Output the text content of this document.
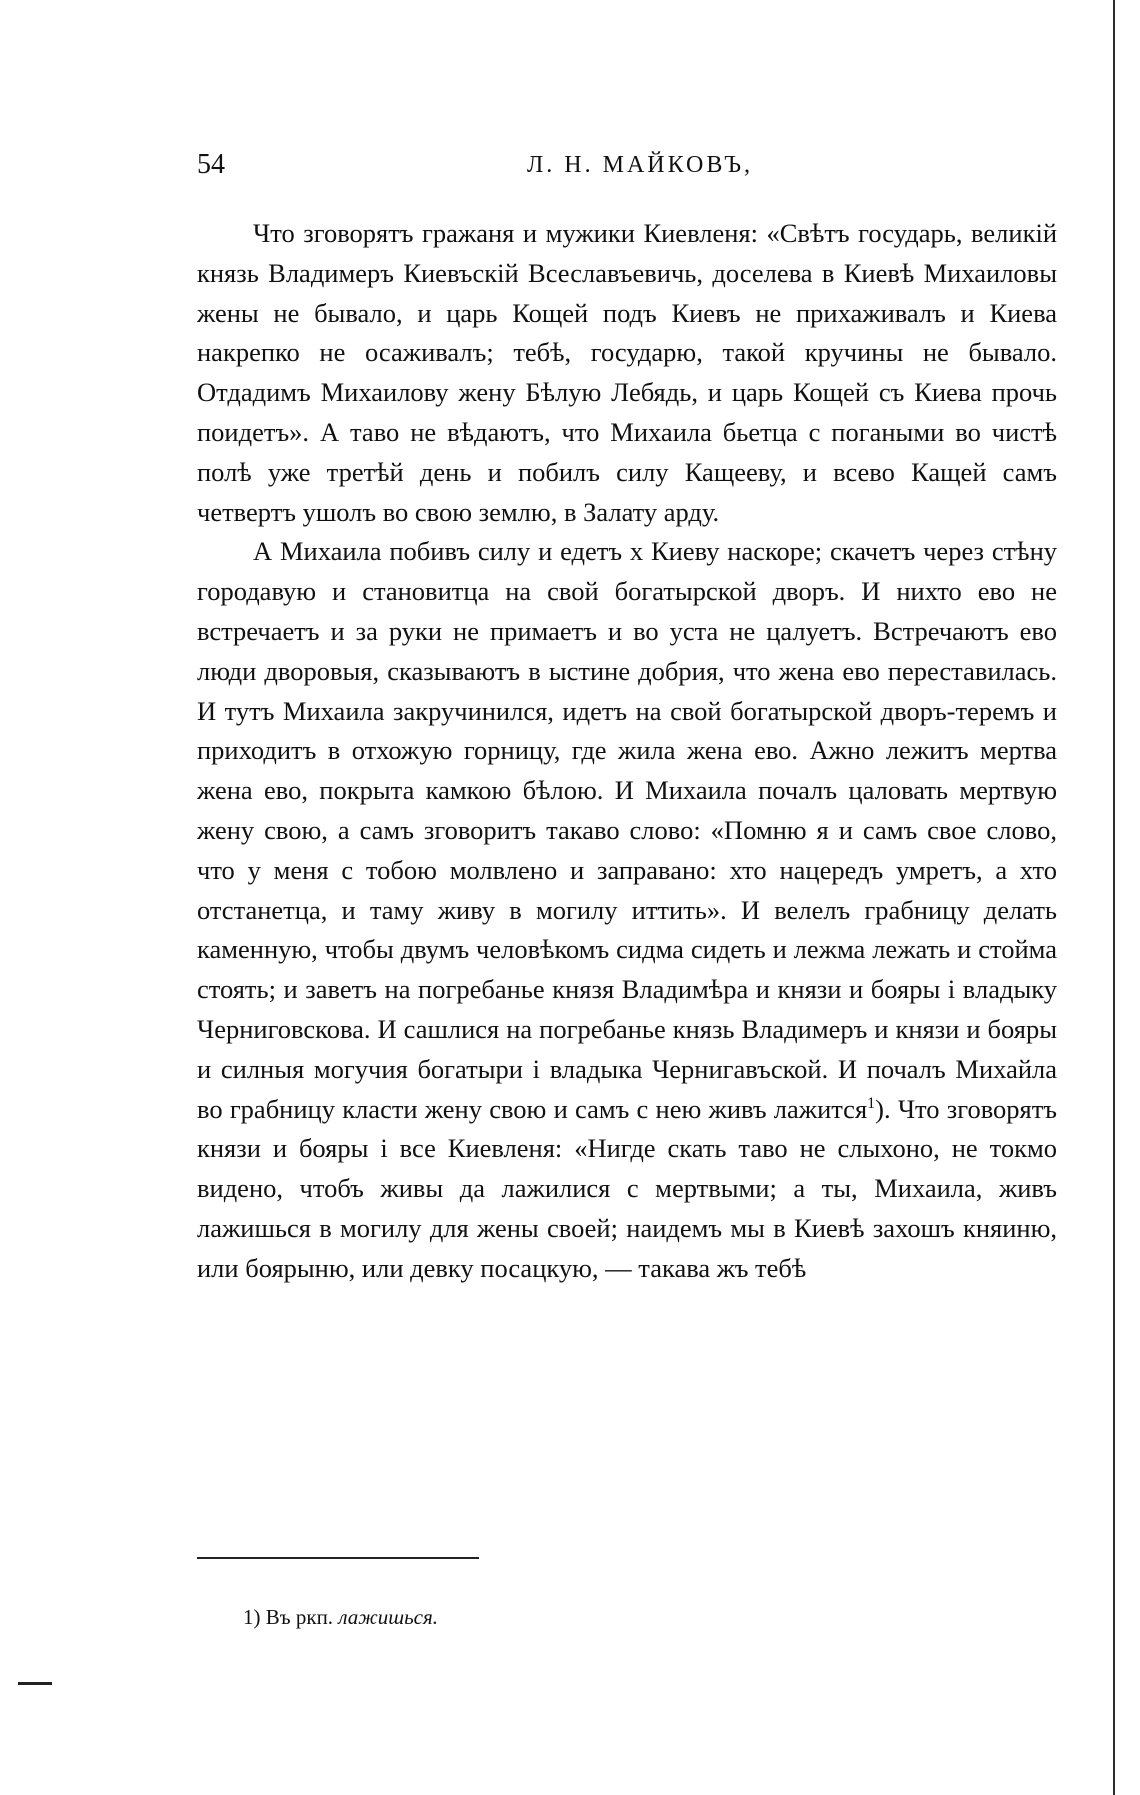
54	Л. Н. МАЙКОВЪ,

Что зговорятъ гражаня и мужики Киевленя: «Свѣтъ государь, великій князь Владимеръ Киевъскій Всеславъевичь, доселева в Киевѣ Михаиловы жены не бывало, и царь Кощей подъ Киевъ не прихаживалъ и Киева накрепко не осаживалъ; тебѣ, государю, такой кручины не бывало. Отдадимъ Михаилову жену Бѣлую Лебядь, и царь Кощей съ Киева прочь поидетъ». А таво не вѣдаютъ, что Михаила бьетца с погаными во чистѣ полѣ уже третѣй день и побилъ силу Кащееву, и всево Кащей самъ четвертъ ушолъ во свою землю, в Залату арду.

А Михаила побивъ силу и едетъ х Киеву наскоре; скачетъ через стѣну городавую и становитца на свой богатырской дворъ. И нихто ево не встречаетъ и за руки не примаетъ и во уста не цалуетъ. Встречаютъ ево люди дворовыя, сказываютъ в ыстине добрия, что жена ево переставилась. И тутъ Михаила закручинился, идетъ на свой богатырской дворъ-теремъ и приходитъ в отхожую горницу, где жила жена ево. Ажно лежитъ мертва жена ево, покрыта камкою бѣлою. И Михаила почалъ цаловать мертвую жену свою, а самъ зговоритъ такаво слово: «Помню я и самъ свое слово, что у меня с тобою молвлено и заправано: хто нацередъ умретъ, а хто отстанетца, и таму живу в могилу иттить». И велелъ грабницу делать каменную, чтобы двумъ человѣкомъ сидма сидеть и лежма лежать и стойма стоять; и заветъ на погребанье князя Владимѣра и князи и бояры і владыку Черниговскова. И сашлися на погребанье князь Владимеръ и князи и бояры и силныя могучия богатыри і владыка Чернигавъской. И почалъ Михайла во грабницу класти жену свою и самъ с нею живъ лажится$^1$). Что зговорятъ князи и бояры і все Киевленя: «Нигде скать таво не слыхоно, не токмо видено, чтобъ живы да лажилися с мертвыми; а ты, Михаила, живъ лажишься в могилу для жены своей; наидемъ мы в Киевѣ захошъ княиню, или боярыню, или девку посацкую, — такава жъ тебѣ

1) Въ ркп. лажишься.
